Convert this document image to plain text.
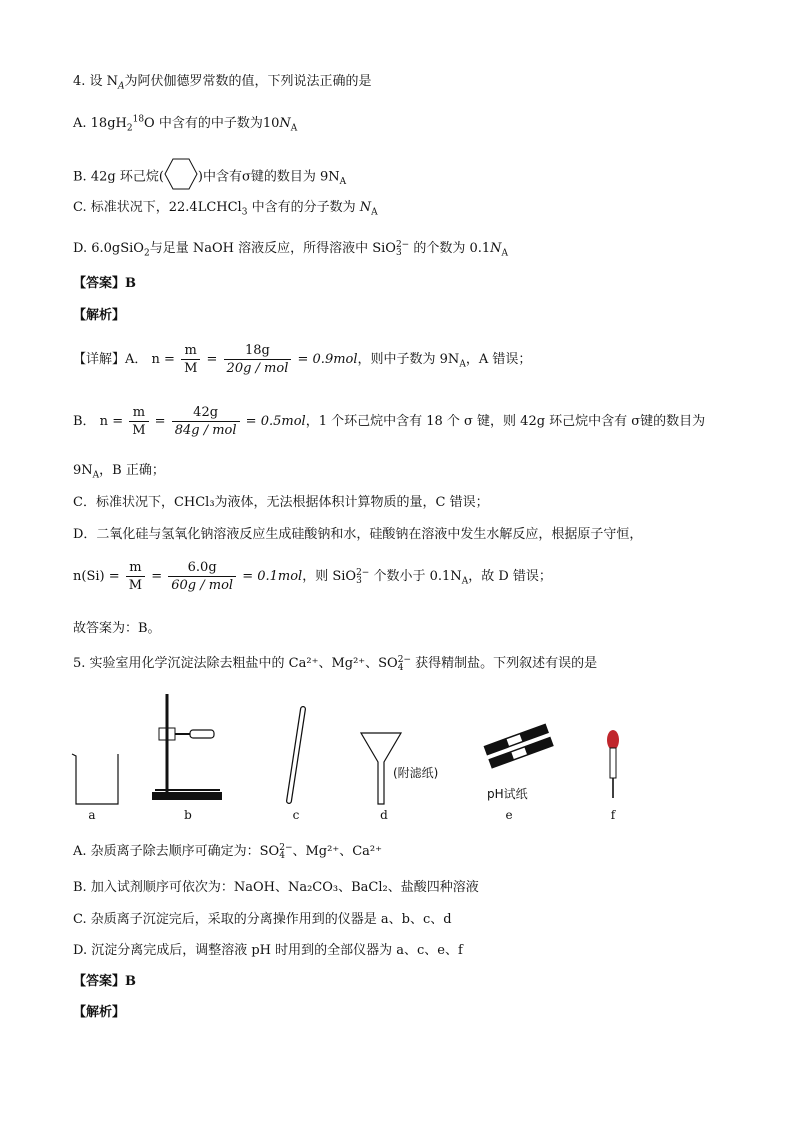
4. 设 $N_A$为阿伏伽德罗常数的值，下列说法正确的是
A. $18gH_2^{18}O$ 中含有的中子数为$10N_A$
B. 42g 环己烷(	)中含有σ键的数目为 $9N_A$
C. 标准状况下，22.4LCHCl$_3$ 中含有的分子数为 $N_A$
D. 6.0gSiO$_2$与足量 NaOH 溶液反应，所得溶液中 SiO 2−
3 的个数为 $0.1N_A$
【答案】B
【解析】
【详解】A． $n = \frac{m}{M} = \frac{18g}{\text{20g / mol}} = 0.9mol$，则中子数为 $9N_A$，A 错误；
B． $n = \frac{m}{M} = \frac{42g}{\text{84g / mol}} = 0.5mol$，1 个环己烷中含有 18 个 σ 键，则 42g 环己烷中含有 σ键的数目为
$9N_A$，B 正确；
C．标准状况下，CHCl₃为液体，无法根据体积计算物质的量，C 错误；
D．二氧化硅与氢氧化钠溶液反应生成硅酸钠和水，硅酸钠在溶液中发生水解反应，根据原子守恒，
$n(Si) = \frac{m}{M} = \frac{6.0g}{\text{60g / mol}} = 0.1mol$，则 SiO 2−
3 个数小于 $0.1N_A$，故 D 错误；
故答案为：B。
5. 实验室用化学沉淀法除去粗盐中的 Ca²⁺、Mg²⁺、SO 2−
4 获得精制盐。下列叙述有误的是
(附滤纸)
pH试纸
a	b	c	d	e	f
A. 杂质离子除去顺序可确定为：SO 2−
4 、Mg²⁺、Ca²⁺
B. 加入试剂顺序可依次为：NaOH、Na₂CO₃、BaCl₂、盐酸四种溶液
C. 杂质离子沉淀完后，采取的分离操作用到的仪器是 a、b、c、d
D. 沉淀分离完成后，调整溶液 pH 时用到的全部仪器为 a、c、e、f
【答案】B
【解析】
